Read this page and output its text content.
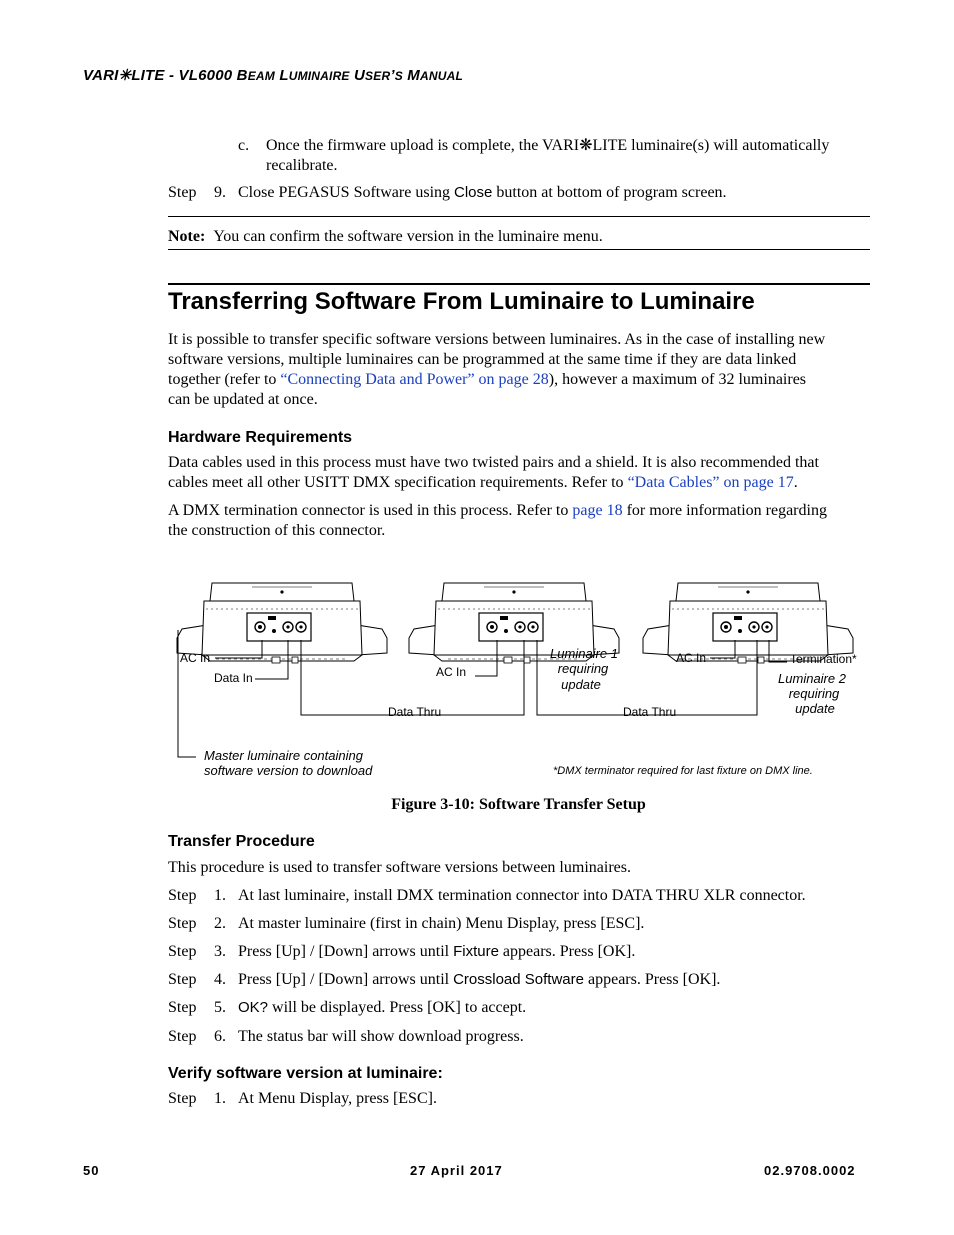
VARI✳LITE - VL6000 BEAM LUMINAIRE USER’S MANUAL
c. Once the firmware upload is complete, the VARI❋LITE luminaire(s) will automatically
recalibrate.
Step 9. Close PEGASUS Software using Close button at bottom of program screen.
Note: You can confirm the software version in the luminaire menu.
Transferring Software From Luminaire to Luminaire
It is possible to transfer specific software versions between luminaires. As in the case of installing new
software versions, multiple luminaires can be programmed at the same time if they are data linked
together (refer to “Connecting Data and Power” on page 28), however a maximum of 32 luminaires
can be updated at once.
Hardware Requirements
Data cables used in this process must have two twisted pairs and a shield. It is also recommended that
cables meet all other USITT DMX specification requirements. Refer to “Data Cables” on page 17.
A DMX termination connector is used in this process. Refer to page 18 for more information regarding
the construction of this connector.
AC In
Data In	AC In
Luminaire 1
requiring
update
AC In	Termination*
Luminaire 2
requiring
update
Data Thru	Data Thru
Master luminaire containing
software version to download	*DMX terminator required for last fixture on DMX line.
Figure 3-10: Software Transfer Setup
Transfer Procedure
This procedure is used to transfer software versions between luminaires.
Step 1. At last luminaire, install DMX termination connector into DATA THRU XLR connector.
Step 2. At master luminaire (first in chain) Menu Display, press [ESC].
Step 3. Press [Up] / [Down] arrows until Fixture appears. Press [OK].
Step 4. Press [Up] / [Down] arrows until Crossload Software appears. Press [OK].
Step 5. OK? will be displayed. Press [OK] to accept.
Step 6. The status bar will show download progress.
Verify software version at luminaire:
Step 1. At Menu Display, press [ESC].
50	27 April 2017	02.9708.0002
